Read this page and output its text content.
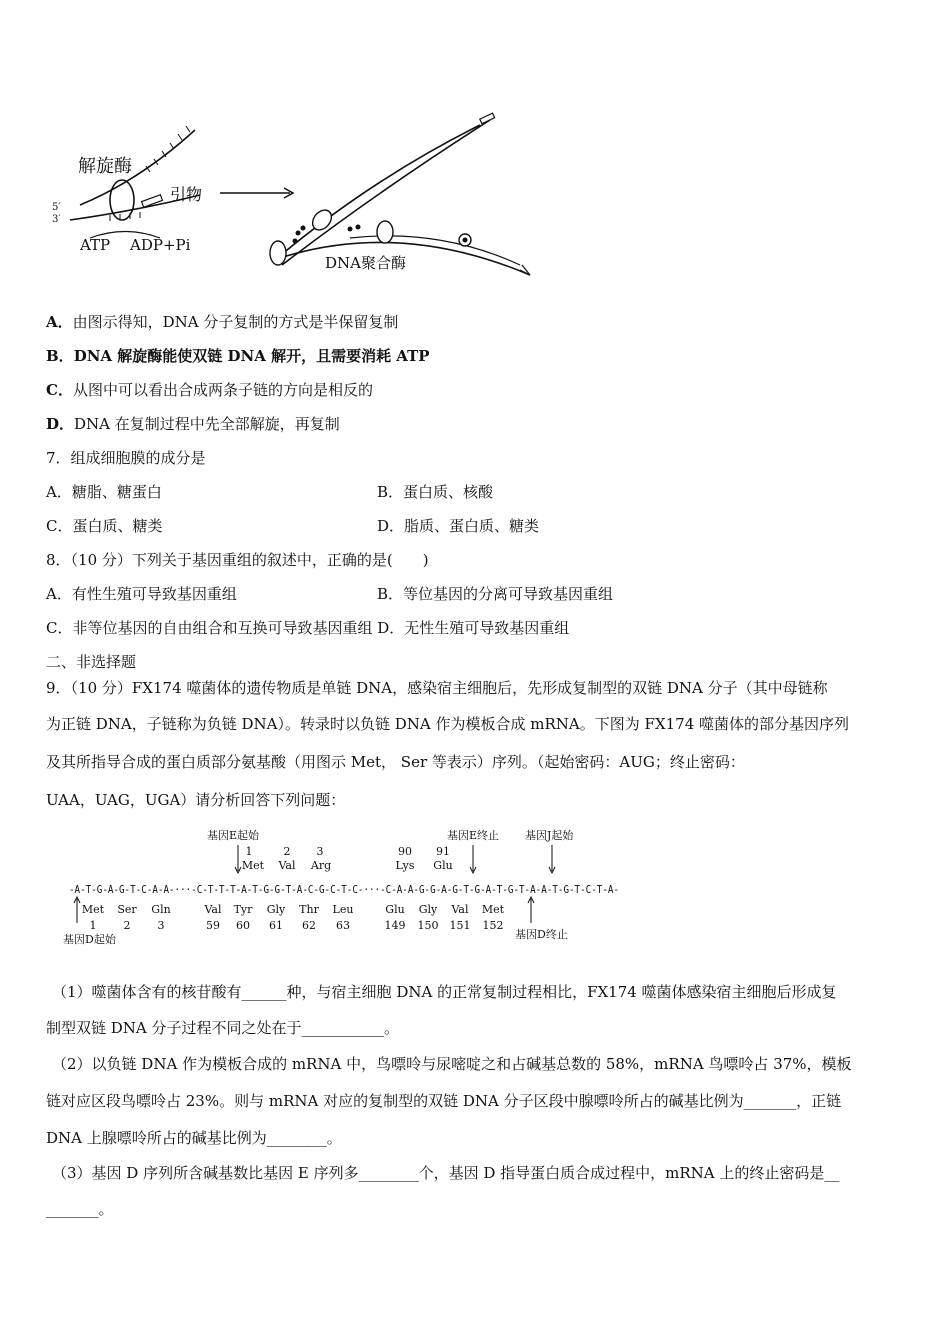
解旋酶
引物
5′
3′
ATP ADP+Pi
DNA聚合酶
A．由图示得知，DNA 分子复制的方式是半保留复制
B．DNA 解旋酶能使双链 DNA 解开，且需要消耗 ATP
C．从图中可以看出合成两条子链的方向是相反的
D．DNA 在复制过程中先全部解旋，再复制
7．组成细胞膜的成分是
A．糖脂、糖蛋白	B．蛋白质、核酸
C．蛋白质、糖类	D．脂质、蛋白质、糖类
8．（10 分）下列关于基因重组的叙述中，正确的是(　　)
A．有性生殖可导致基因重组	B．等位基因的分离可导致基因重组
C．非等位基因的自由组合和互换可导致基因重组 D．无性生殖可导致基因重组
二、非选择题
9．（10 分）FX174 噬菌体的遗传物质是单链 DNA，感染宿主细胞后，先形成复制型的双链 DNA 分子（其中母链称
为正链 DNA，子链称为负链 DNA）。转录时以负链 DNA 作为模板合成 mRNA。下图为 FX174 噬菌体的部分基因序列
及其所指导合成的蛋白质部分氨基酸（用图示 Met， Ser 等表示）序列。（起始密码：AUG；终止密码：
UAA，UAG，UGA）请分析回答下列问题：
基因E起始	基因E终止 基因J起始
1	2 3	90 91
Met Val Arg	Lys Glu
-A-T-G-A-G-T-C-A-A-···-C-T-T-T-A-T-G-G-T-A-C-G-C-T-C-···-C-A-A-G-G-A-G-T-G-A-T-G-T-A-A-T-G-T-C-T-A-
Met Ser Gln	Val Tyr Gly Thr Leu	Glu Gly Val Met
1 2 3	59 60 61 62 63	149 150 151 152
基因D起始	基因D终止
（1）噬菌体含有的核苷酸有______种，与宿主细胞 DNA 的正常复制过程相比，FX174 噬菌体感染宿主细胞后形成复
制型双链 DNA 分子过程不同之处在于___________。
（2）以负链 DNA 作为模板合成的 mRNA 中，鸟嘌呤与尿嘧啶之和占碱基总数的 58%，mRNA 鸟嘌呤占 37%，模板
链对应区段鸟嘌呤占 23%。则与 mRNA 对应的复制型的双链 DNA 分子区段中腺嘌呤所占的碱基比例为_______，正链
DNA 上腺嘌呤所占的碱基比例为________。
（3）基因 D 序列所含碱基数比基因 E 序列多________个，基因 D 指导蛋白质合成过程中，mRNA 上的终止密码是__
_______。
